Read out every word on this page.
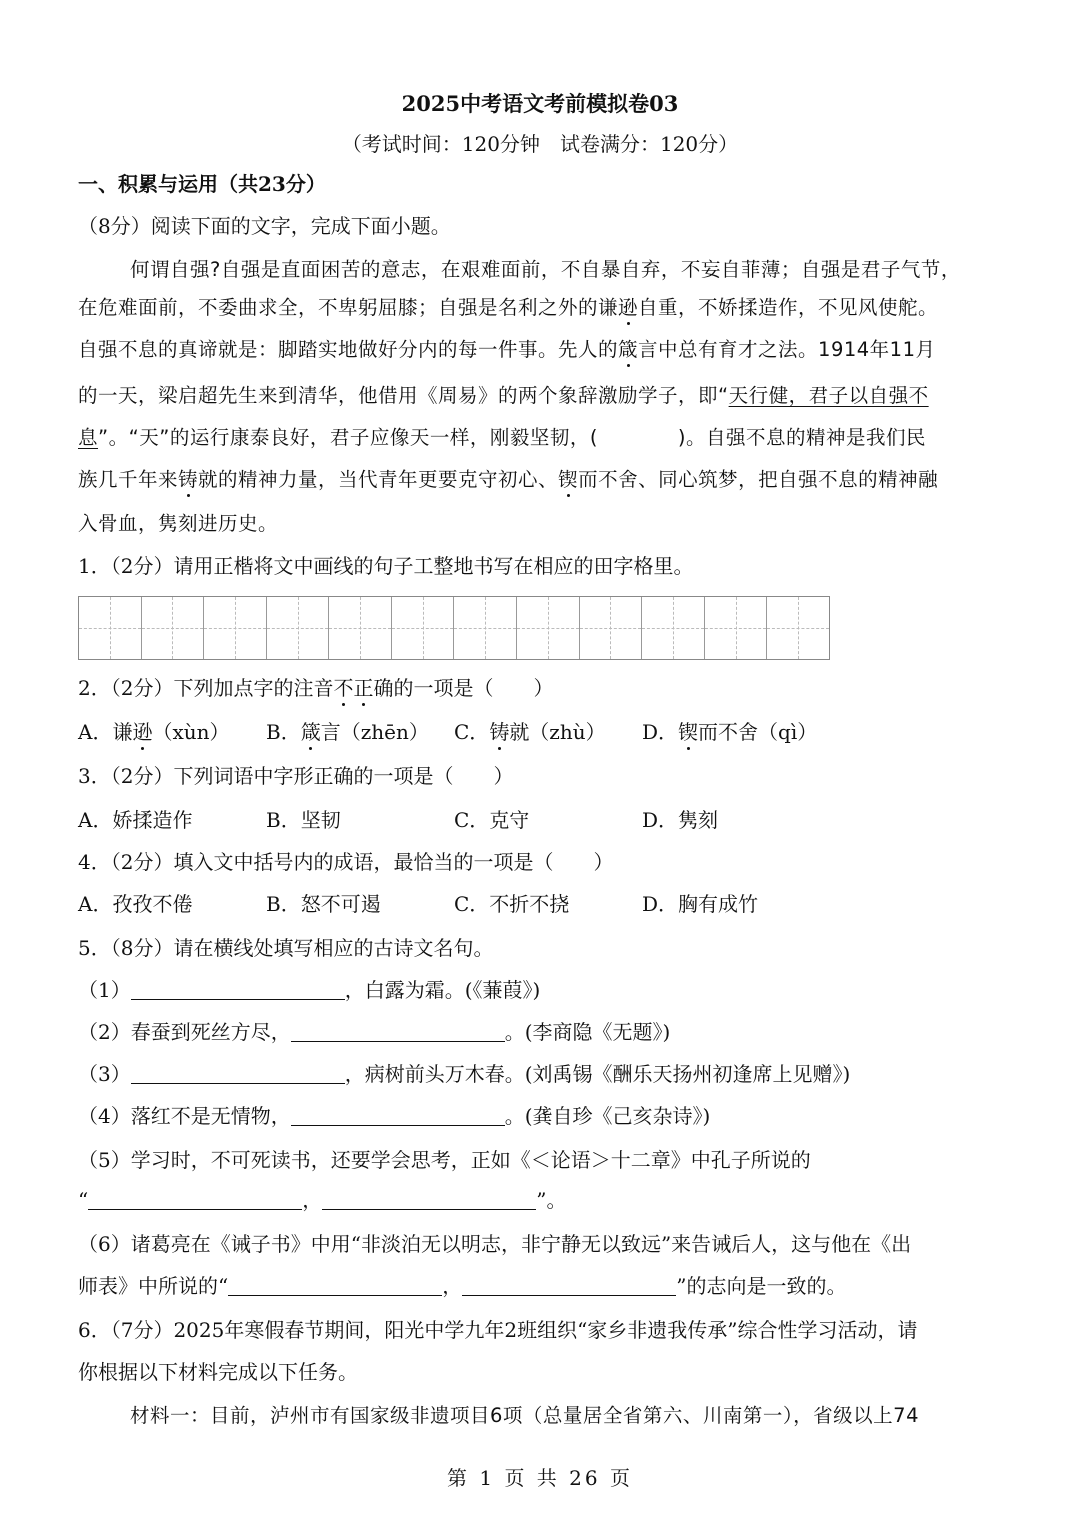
2025中考语文考前模拟卷03
（考试时间：120分钟　试卷满分：120分）
一、积累与运用（共23分）
（8分）阅读下面的文字，完成下面小题。
何谓自强?自强是直面困苦的意志，在艰难面前，不自暴自弃，不妄自菲薄；自强是君子气节，
在危难面前，不委曲求全，不卑躬屈膝；自强是名利之外的谦逊自重，不娇揉造作，不见风使舵。
自强不息的真谛就是：脚踏实地做好分内的每一件事。先人的箴言中总有育才之法。1914年11月
的一天，梁启超先生来到清华，他借用《周易》的两个象辞激励学子，即“天行健，君子以自强不
息”。“天”的运行康泰良好，君子应像天一样，刚毅坚韧，(　　　　)。自强不息的精神是我们民
族几千年来铸就的精神力量，当代青年更要克守初心、锲而不舍、同心筑梦，把自强不息的精神融
入骨血，隽刻进历史。
1．（2分）请用正楷将文中画线的句子工整地书写在相应的田字格里。
2．（2分）下列加点字的注音不正确的一项是（　　）
A．谦逊（xùn） B．箴言（zhēn） C．铸就（zhù） D．锲而不舍（qì）
3．（2分）下列词语中字形正确的一项是（　　）
A．娇揉造作	B．坚韧	C．克守	D．隽刻
4．（2分）填入文中括号内的成语，最恰当的一项是（　　）
A．孜孜不倦	B．怒不可遏	C．不折不挠	D．胸有成竹
5．（8分）请在横线处填写相应的古诗文名句。
（1）	，白露为霜。(《蒹葭》)
（2）春蚕到死丝方尽，	。(李商隐《无题》)
（3）	，病树前头万木春。(刘禹锡《酬乐天扬州初逢席上见赠》)
（4）落红不是无情物，	。(龚自珍《己亥杂诗》)
（5）学习时，不可死读书，还要学会思考，正如《＜论语＞十二章》中孔子所说的
“	，	”。
（6）诸葛亮在《诫子书》中用“非淡泊无以明志，非宁静无以致远”来告诫后人，这与他在《出
师表》中所说的“	，	”的志向是一致的。
6．（7分）2025年寒假春节期间，阳光中学九年2班组织“家乡非遗我传承”综合性学习活动，请
你根据以下材料完成以下任务。
材料一：目前，泸州市有国家级非遗项目6项（总量居全省第六、川南第一），省级以上74
第 1 页 共 26 页
